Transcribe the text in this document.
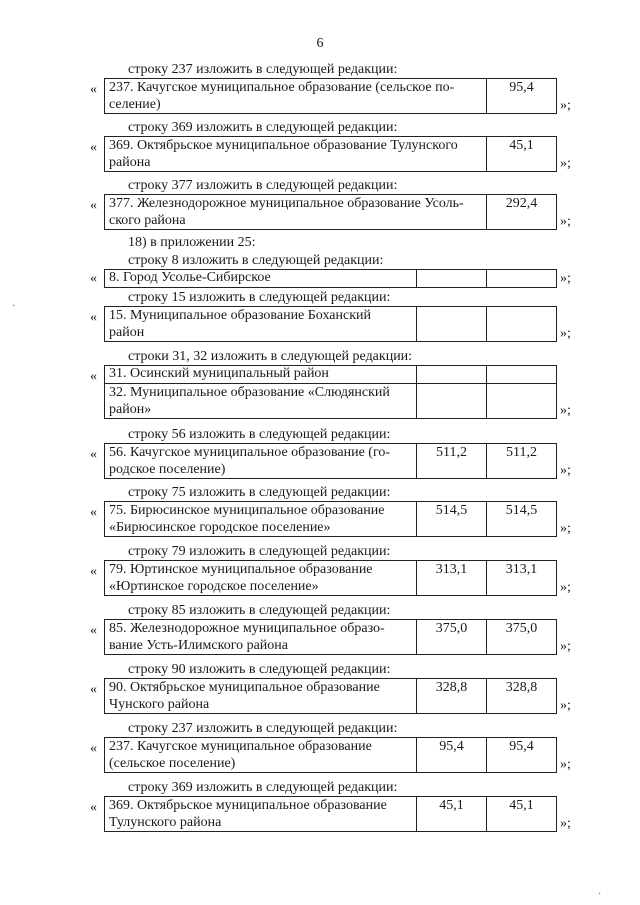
6
строку 237 изложить в следующей редакции:
« 237. Качугское муниципальное образование (сельское по-
селение)	95,4
»;
строку 369 изложить в следующей редакции:
« 369. Октябрьское муниципальное образование Тулунского
района	45,1
»;
строку 377 изложить в следующей редакции:
« 377. Железнодорожное муниципальное образование Усоль-
ского района	292,4
»;
18) в приложении 25:
строку 8 изложить в следующей редакции:
« 8. Город Усолье-Сибирское			»;
строку 15 изложить в следующей редакции:
« 15. Муниципальное образование Боханский
район			»;
строки 31, 32 изложить в следующей редакции:
« 31. Осинский муниципальный район		
32. Муниципальное образование «Слюдянский
район»			»;
строку 56 изложить в следующей редакции:
« 56. Качугское муниципальное образование (го-
родское поселение)	511,2	511,2
»;
строку 75 изложить в следующей редакции:
« 75. Бирюсинское муниципальное образование
«Бирюсинское городское поселение»	514,5	514,5
»;
строку 79 изложить в следующей редакции:
« 79. Юртинское муниципальное образование
«Юртинское городское поселение»	313,1	313,1
»;
строку 85 изложить в следующей редакции:
« 85. Железнодорожное муниципальное образо-
вание Усть-Илимского района	375,0	375,0
»;
строку 90 изложить в следующей редакции:
« 90. Октябрьское муниципальное образование
Чунского района	328,8	328,8
»;
строку 237 изложить в следующей редакции:
« 237. Качугское муниципальное образование
(сельское поселение)	95,4	95,4
»;
строку 369 изложить в следующей редакции:
« 369. Октябрьское муниципальное образование
Тулунского района	45,1	45,1
»;
·
·
